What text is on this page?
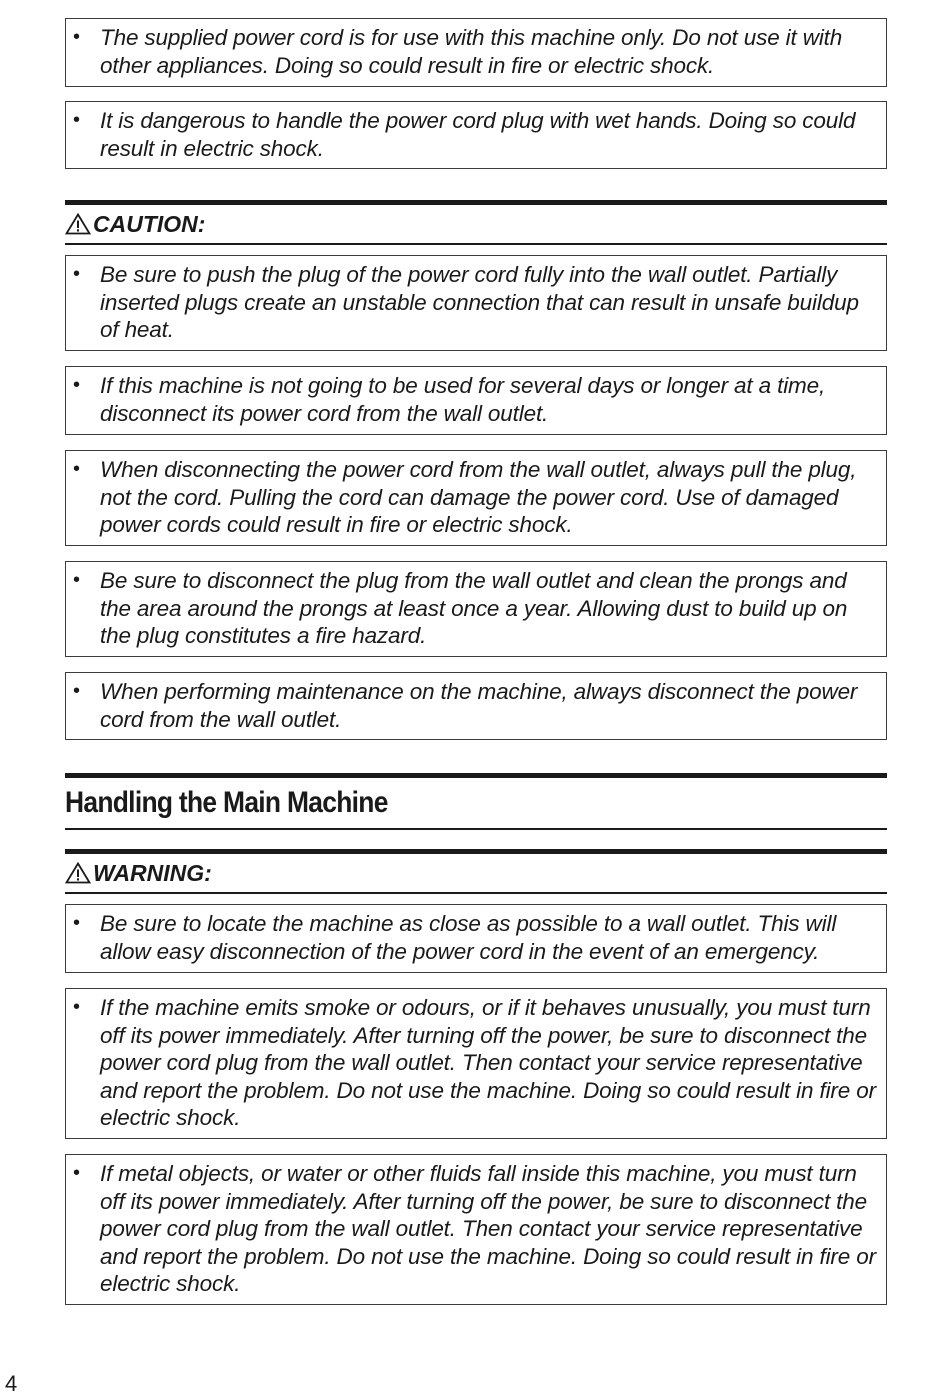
• The supplied power cord is for use with this machine only. Do not use it with other appliances. Doing so could result in fire or electric shock.
• It is dangerous to handle the power cord plug with wet hands. Doing so could result in electric shock.
CAUTION:
• Be sure to push the plug of the power cord fully into the wall outlet. Partially inserted plugs create an unstable connection that can result in unsafe buildup of heat.
• If this machine is not going to be used for several days or longer at a time, disconnect its power cord from the wall outlet.
• When disconnecting the power cord from the wall outlet, always pull the plug, not the cord. Pulling the cord can damage the power cord. Use of damaged power cords could result in fire or electric shock.
• Be sure to disconnect the plug from the wall outlet and clean the prongs and the area around the prongs at least once a year. Allowing dust to build up on the plug constitutes a fire hazard.
• When performing maintenance on the machine, always disconnect the power cord from the wall outlet.
Handling the Main Machine
WARNING:
• Be sure to locate the machine as close as possible to a wall outlet. This will allow easy disconnection of the power cord in the event of an emergency.
• If the machine emits smoke or odours, or if it behaves unusually, you must turn off its power immediately. After turning off the power, be sure to disconnect the power cord plug from the wall outlet. Then contact your service representative and report the problem. Do not use the machine. Doing so could result in fire or electric shock.
• If metal objects, or water or other fluids fall inside this machine, you must turn off its power immediately. After turning off the power, be sure to disconnect the power cord plug from the wall outlet. Then contact your service representative and report the problem. Do not use the machine. Doing so could result in fire or electric shock.
4
